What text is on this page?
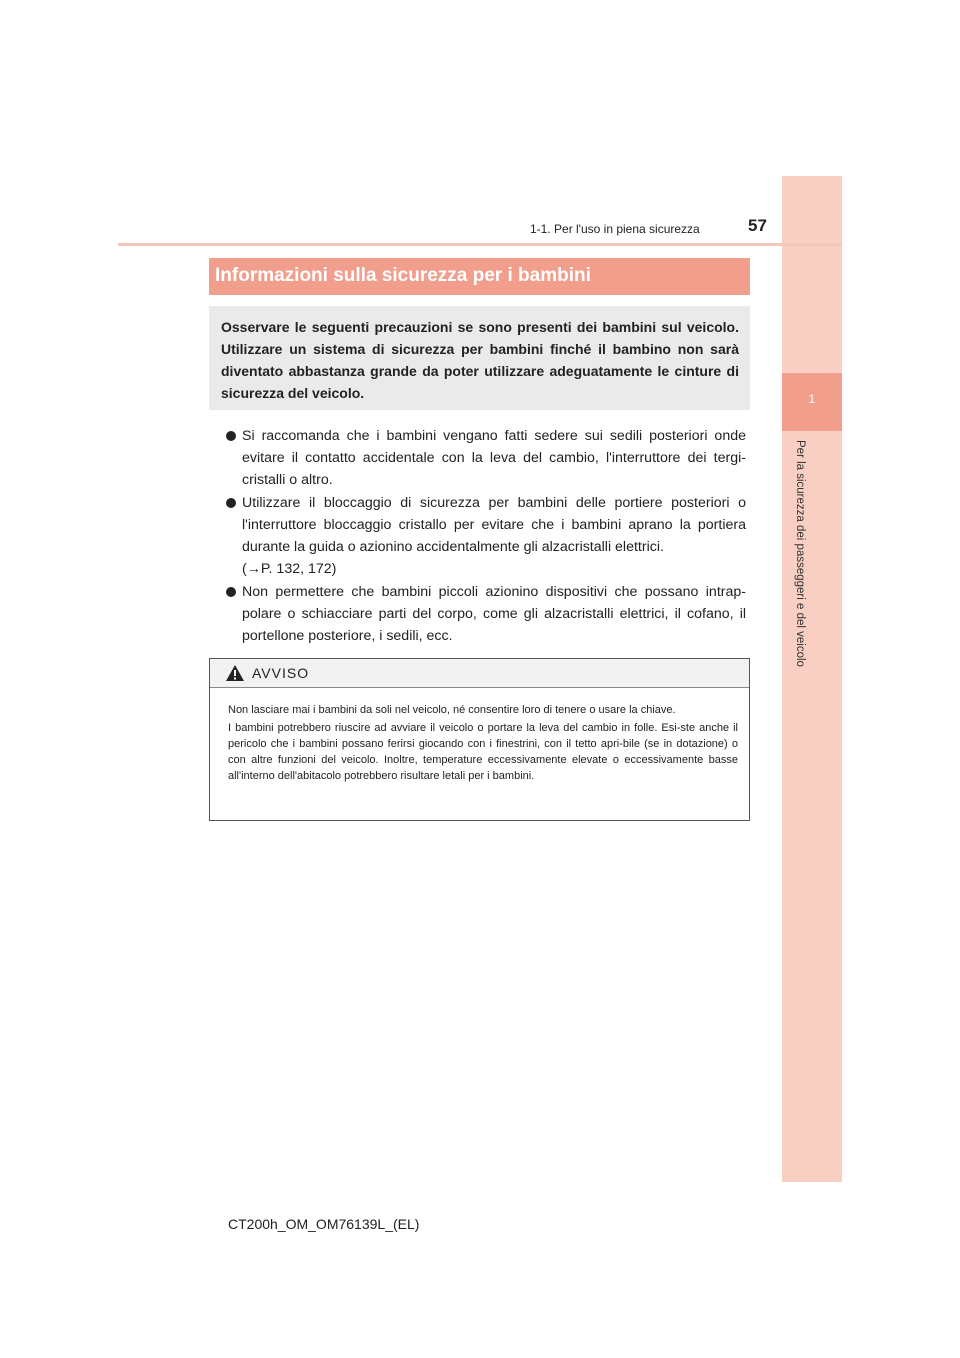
1
Per la sicurezza dei passeggeri e del veicolo
1-1. Per l'uso in piena sicurezza	57
Informazioni sulla sicurezza per i bambini
Osservare le seguenti precauzioni se sono presenti dei bambini sul veicolo. Utilizzare un sistema di sicurezza per bambini finché il bambino non sarà diventato abbastanza grande da poter utilizzare adeguatamente le cinture di sicurezza del veicolo.
Si raccomanda che i bambini vengano fatti sedere sui sedili posteriori onde evitare il contatto accidentale con la leva del cambio, l'interruttore dei tergi-cristalli o altro.
Utilizzare il bloccaggio di sicurezza per bambini delle portiere posteriori o l'interruttore bloccaggio cristallo per evitare che i bambini aprano la portiera durante la guida o azionino accidentalmente gli alzacristalli elettrici.
(→P. 132, 172)
Non permettere che bambini piccoli azionino dispositivi che possano intrap-polare o schiacciare parti del corpo, come gli alzacristalli elettrici, il cofano, il portellone posteriore, i sedili, ecc.
AVVISO

Non lasciare mai i bambini da soli nel veicolo, né consentire loro di tenere o usare la chiave.

I bambini potrebbero riuscire ad avviare il veicolo o portare la leva del cambio in folle. Esi-ste anche il pericolo che i bambini possano ferirsi giocando con i finestrini, con il tetto apri-bile (se in dotazione) o con altre funzioni del veicolo. Inoltre, temperature eccessivamente elevate o eccessivamente basse all'interno dell'abitacolo potrebbero risultare letali per i bambini.

CT200h_OM_OM76139L_(EL)
